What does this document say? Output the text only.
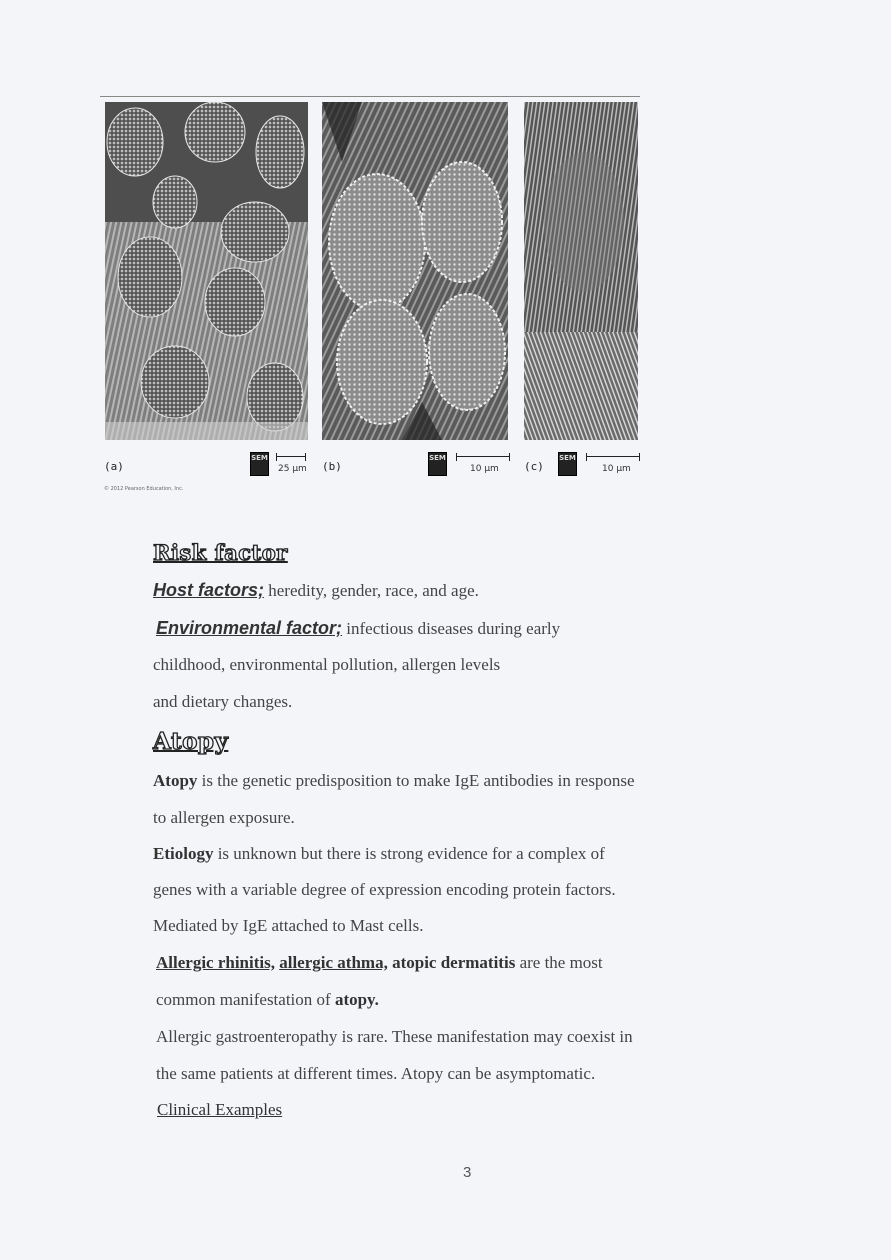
(a)
SEM
25 µm (b)
SEM
10 µm (c)
SEM
10 µm
© 2012 Pearson Education, Inc.
Risk factor
Host factors; heredity, gender, race, and age.
Environmental factor; infectious diseases during early
childhood, environmental pollution, allergen levels
and dietary changes.
Atopy
Atopy is the genetic predisposition to make IgE antibodies in response
to allergen exposure.
Etiology is unknown but there is strong evidence for a complex of
genes with a variable degree of expression encoding protein factors.
Mediated by IgE attached to Mast cells.
Allergic rhinitis, allergic athma, atopic dermatitis are the most
common manifestation of atopy.
Allergic gastroenteropathy is rare. These manifestation may coexist in
the same patients at different times. Atopy can be asymptomatic.
Clinical Examples
3
